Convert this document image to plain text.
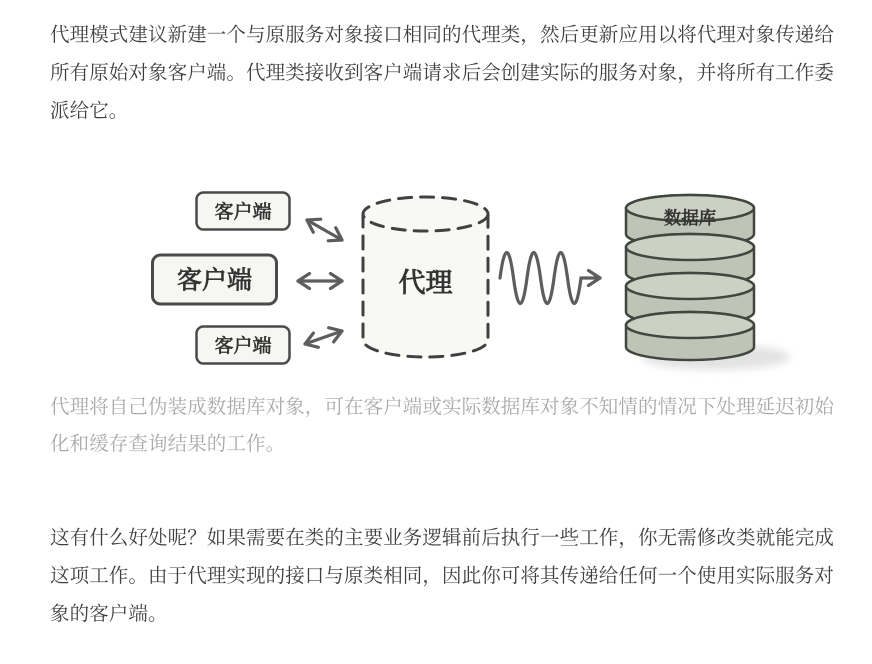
代理模式建议新建一个与原服务对象接口相同的代理类，然后更新应用以将代理对象传递给
所有原始对象客户端。代理类接收到客户端请求后会创建实际的服务对象，并将所有工作委
派给它。
客户端
客户端
客户端
代理
数据库
代理将自己伪装成数据库对象，可在客户端或实际数据库对象不知情的情况下处理延迟初始
化和缓存查询结果的工作。
这有什么好处呢？如果需要在类的主要业务逻辑前后执行一些工作，你无需修改类就能完成
这项工作。由于代理实现的接口与原类相同，因此你可将其传递给任何一个使用实际服务对
象的客户端。
